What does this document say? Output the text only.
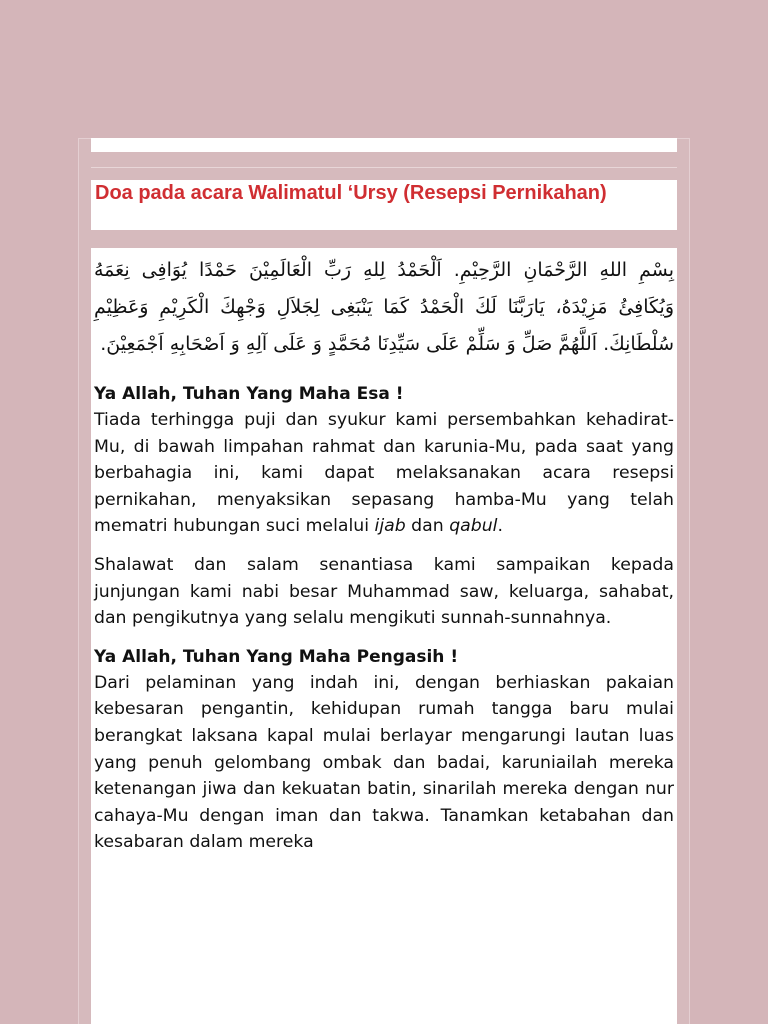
Doa pada acara Walimatul ‘Ursy (Resepsi Pernikahan)

بِسْمِ اللهِ الرَّحْمَانِ الرَّحِيْمِ. اَلْحَمْدُ لِلهِ رَبِّ الْعَالَمِيْنَ حَمْدًا يُوَافِى نِعَمَهُ وَيُكَافِئُ مَزِيْدَهُ، يَارَبَّنَا لَكَ الْحَمْدُ كَمَا يَنْبَغِى لِجَلاَلِ وَجْهِكَ الْكَرِيْمِ وَعَظِيْمِ سُلْطَانِكَ. اَللَّهُمَّ صَلِّ وَ سَلِّمْ عَلَى سَيِّدِنَا مُحَمَّدٍ وَ عَلَى آلِهِ وَ اَصْحَابِهِ اَجْمَعِيْنَ.

Ya Allah, Tuhan Yang Maha Esa !

Tiada terhingga puji dan syukur kami persembahkan kehadirat-Mu, di bawah limpahan rahmat dan karunia-Mu, pada saat yang berbahagia ini, kami dapat melaksanakan acara resepsi pernikahan, menyaksikan sepasang hamba-Mu yang telah mematri hubungan suci melalui ijab dan qabul.

Shalawat dan salam senantiasa kami sampaikan kepada junjungan kami nabi besar Muhammad saw, keluarga, sahabat, dan pengikutnya yang selalu mengikuti sunnah-sunnahnya.

Ya Allah, Tuhan Yang Maha Pengasih !

Dari pelaminan yang indah ini, dengan berhiaskan pakaian kebesaran pengantin, kehidupan rumah tangga baru mulai berangkat laksana kapal mulai berlayar mengarungi lautan luas yang penuh gelombang ombak dan badai, karuniailah mereka ketenangan jiwa dan kekuatan batin, sinarilah mereka dengan nur cahaya-Mu dengan iman dan takwa. Tanamkan ketabahan dan kesabaran dalam mereka
